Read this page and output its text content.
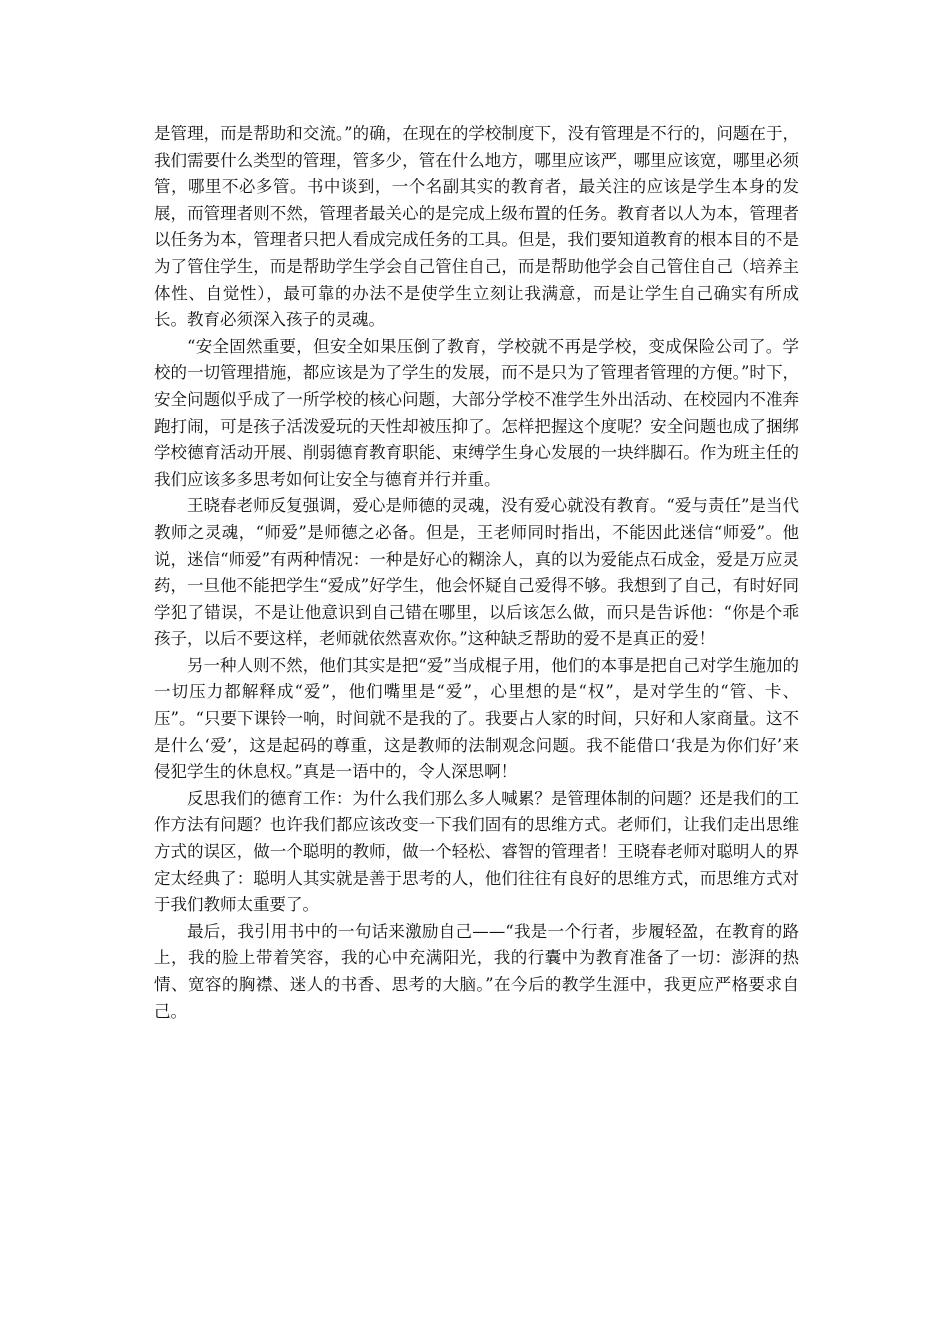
是管理，而是帮助和交流。”的确，在现在的学校制度下，没有管理是不行的，问题在于，我们需要什么类型的管理，管多少，管在什么地方，哪里应该严，哪里应该宽，哪里必须管，哪里不必多管。书中谈到，一个名副其实的教育者，最关注的应该是学生本身的发展，而管理者则不然，管理者最关心的是完成上级布置的任务。教育者以人为本，管理者以任务为本，管理者只把人看成完成任务的工具。但是，我们要知道教育的根本目的不是为了管住学生，而是帮助学生学会自己管住自己，而是帮助他学会自己管住自己（培养主体性、自觉性），最可靠的办法不是使学生立刻让我满意，而是让学生自己确实有所成长。教育必须深入孩子的灵魂。

“安全固然重要，但安全如果压倒了教育，学校就不再是学校，变成保险公司了。学校的一切管理措施，都应该是为了学生的发展，而不是只为了管理者管理的方便。”时下，安全问题似乎成了一所学校的核心问题，大部分学校不准学生外出活动、在校园内不准奔跑打闹，可是孩子活泼爱玩的天性却被压抑了。怎样把握这个度呢？安全问题也成了捆绑学校德育活动开展、削弱德育教育职能、束缚学生身心发展的一块绊脚石。作为班主任的我们应该多多思考如何让安全与德育并行并重。

王晓春老师反复强调，爱心是师德的灵魂，没有爱心就没有教育。“爱与责任”是当代教师之灵魂，“师爱”是师德之必备。但是，王老师同时指出，不能因此迷信“师爱”。他说，迷信“师爱”有两种情况：一种是好心的糊涂人，真的以为爱能点石成金，爱是万应灵药，一旦他不能把学生“爱成”好学生，他会怀疑自己爱得不够。我想到了自己，有时好同学犯了错误，不是让他意识到自己错在哪里，以后该怎么做，而只是告诉他：“你是个乖孩子，以后不要这样，老师就依然喜欢你。”这种缺乏帮助的爱不是真正的爱！

另一种人则不然，他们其实是把“爱”当成棍子用，他们的本事是把自己对学生施加的一切压力都解释成“爱”，他们嘴里是“爱”，心里想的是“权”，是对学生的“管、卡、压”。“只要下课铃一响，时间就不是我的了。我要占人家的时间，只好和人家商量。这不是什么‘爱’，这是起码的尊重，这是教师的法制观念问题。我不能借口‘我是为你们好’来侵犯学生的休息权。”真是一语中的，令人深思啊！

反思我们的德育工作：为什么我们那么多人喊累？是管理体制的问题？还是我们的工作方法有问题？也许我们都应该改变一下我们固有的思维方式。老师们，让我们走出思维方式的误区，做一个聪明的教师，做一个轻松、睿智的管理者！王晓春老师对聪明人的界定太经典了：聪明人其实就是善于思考的人，他们往往有良好的思维方式，而思维方式对于我们教师太重要了。

最后，我引用书中的一句话来激励自己——“我是一个行者，步履轻盈，在教育的路上，我的脸上带着笑容，我的心中充满阳光，我的行囊中为教育准备了一切：澎湃的热情、宽容的胸襟、迷人的书香、思考的大脑。”在今后的教学生涯中，我更应严格要求自己。
